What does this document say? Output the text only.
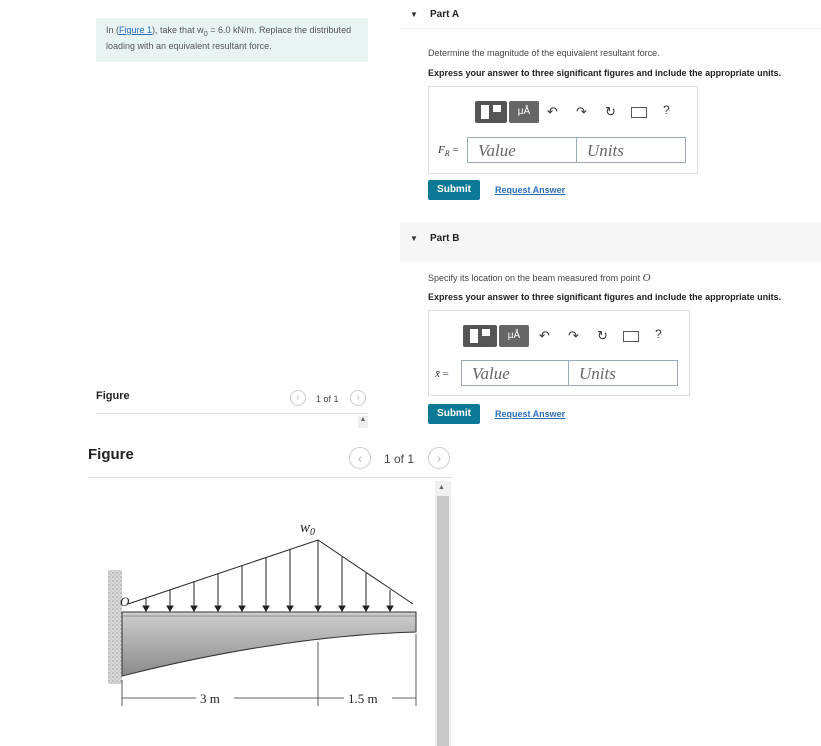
In (Figure 1), take that $w_0 = 6.0$ kN/m. Replace the distributed loading with an equivalent resultant force.
▼ Part A
Determine the magnitude of the equivalent resultant force.
Express your answer to three significant figures and include the appropriate units.
μÅ	↶ ↷ ↻	?
$F_R$ =	Value	Units
Submit	Request Answer
▼ Part B
Specify its location on the beam measured from point O
Express your answer to three significant figures and include the appropriate units.
μÅ	↶ ↷ ↻	?
x̄ =	Value	Units
Submit	Request Answer
Figure	‹	1 of 1	›
▲
Figure	‹	1 of 1	›
▲
$w_0$
O
3 m	1.5 m
